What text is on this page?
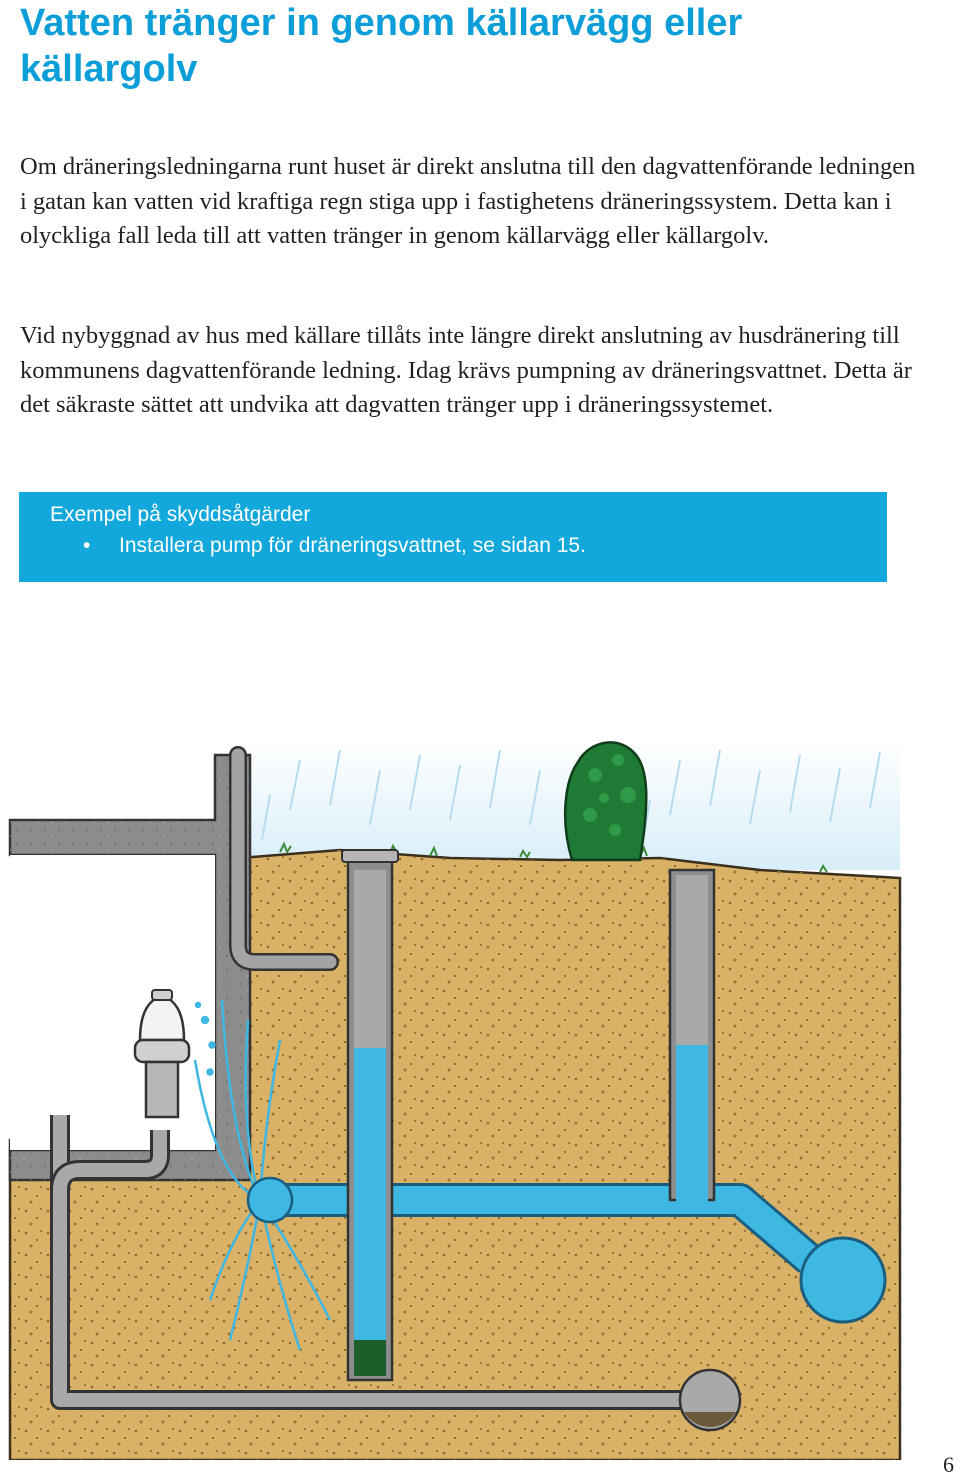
Vatten tränger in genom källarvägg eller källargolv

Om dräneringsledningarna runt huset är direkt anslutna till den dagvattenförande ledningen i gatan kan vatten vid kraftiga regn stiga upp i fastighetens dräneringssystem. Detta kan i olyckliga fall leda till att vatten tränger in genom källarvägg eller källargolv.

Vid nybyggnad av hus med källare tillåts inte längre direkt anslutning av husdränering till kommunens dagvattenförande ledning. Idag krävs pumpning av dräneringsvattnet. Detta är det säkraste sättet att undvika att dagvatten tränger upp i dräneringssystemet.

Exempel på skyddsåtgärder
• Installera pump för dräneringsvattnet, se sidan 15.
6
